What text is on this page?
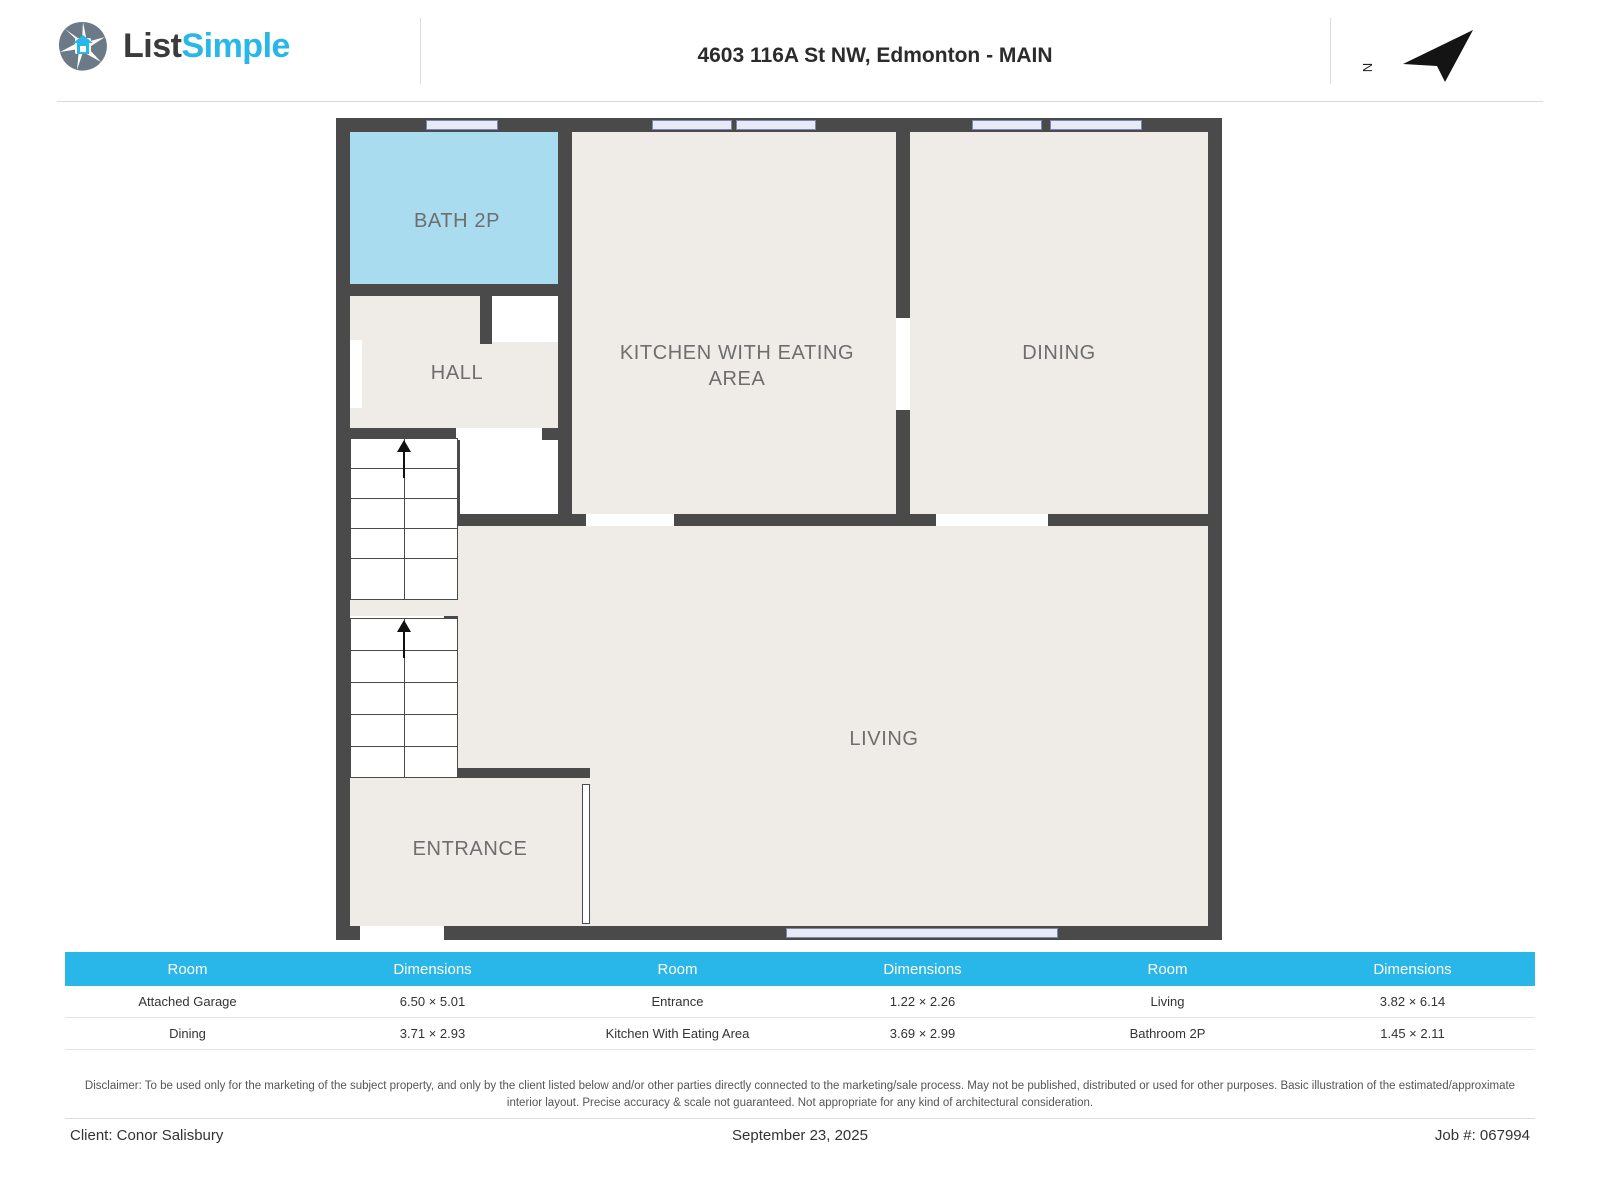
ListSimple	4603 116A St NW, Edmonton - MAIN
N
BATH 2P
HALL
KITCHEN WITH EATING
AREA
DINING
LIVING
ENTRANCE
Room	Dimensions	Room	Dimensions	Room	Dimensions
Attached Garage	6.50 × 5.01	Entrance	1.22 × 2.26	Living	3.82 × 6.14
Dining	3.71 × 2.93	Kitchen With Eating Area	3.69 × 2.99	Bathroom 2P	1.45 × 2.11
Disclaimer: To be used only for the marketing of the subject property, and only by the client listed below and/or other parties directly connected to the marketing/sale process. May not be published, distributed or used for other purposes. Basic illustration of the estimated/approximate interior layout. Precise accuracy & scale not guaranteed. Not appropriate for any kind of architectural consideration.
Client: Conor Salisbury	September 23, 2025	Job #: 067994
